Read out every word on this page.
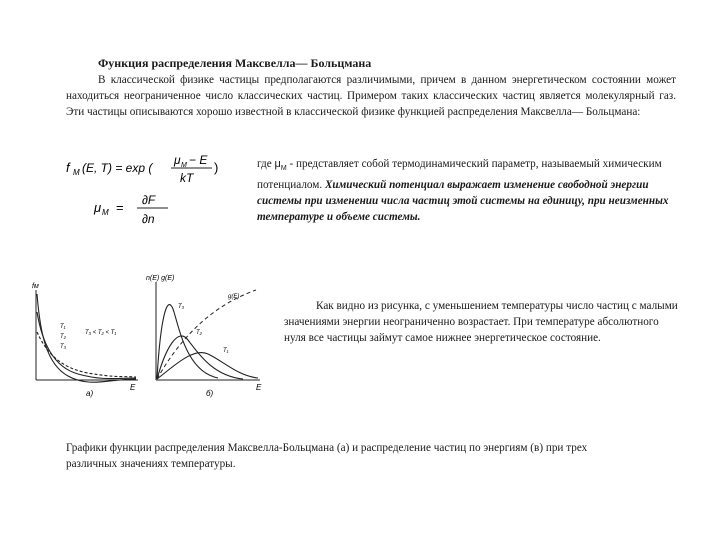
Функция распределения Максвелла— Больцмана
В классической физике частицы предполагаются различимыми, причем в данном энергетическом состоянии может находиться неограниченное число классических частиц. Примером таких классических частиц является молекулярный газ. Эти частицы описываются хорошо известной в классической физике функцией распределения Максвелла— Больцмана:
f M (E, T) = exp (
μ M − E
kT
)
μ M = ∂F
∂n
где $\mu_M$ - представляет собой термодинамический параметр, называемый химическим потенциалом. Химический потенциал выражает изменение свободной энергии системы при изменении числа частиц этой системы на единицу, при неизменных температуре и объеме системы.
fм
E
а)
T₁
T₂
T₃
T₃ < T₂ < T₁
n(E) g(E)
E
б)
T₃
T₂
T₁
g(E)
Как видно из рисунка, с уменьшением температуры число частиц с малыми значениями энергии неограниченно возрастает. При температуре абсолютного нуля все частицы займут самое нижнее энергетическое состояние.
Графики функции распределения Максвелла-Больцмана (а) и распределение частиц по энергиям (в) при трех различных значениях температуры.
